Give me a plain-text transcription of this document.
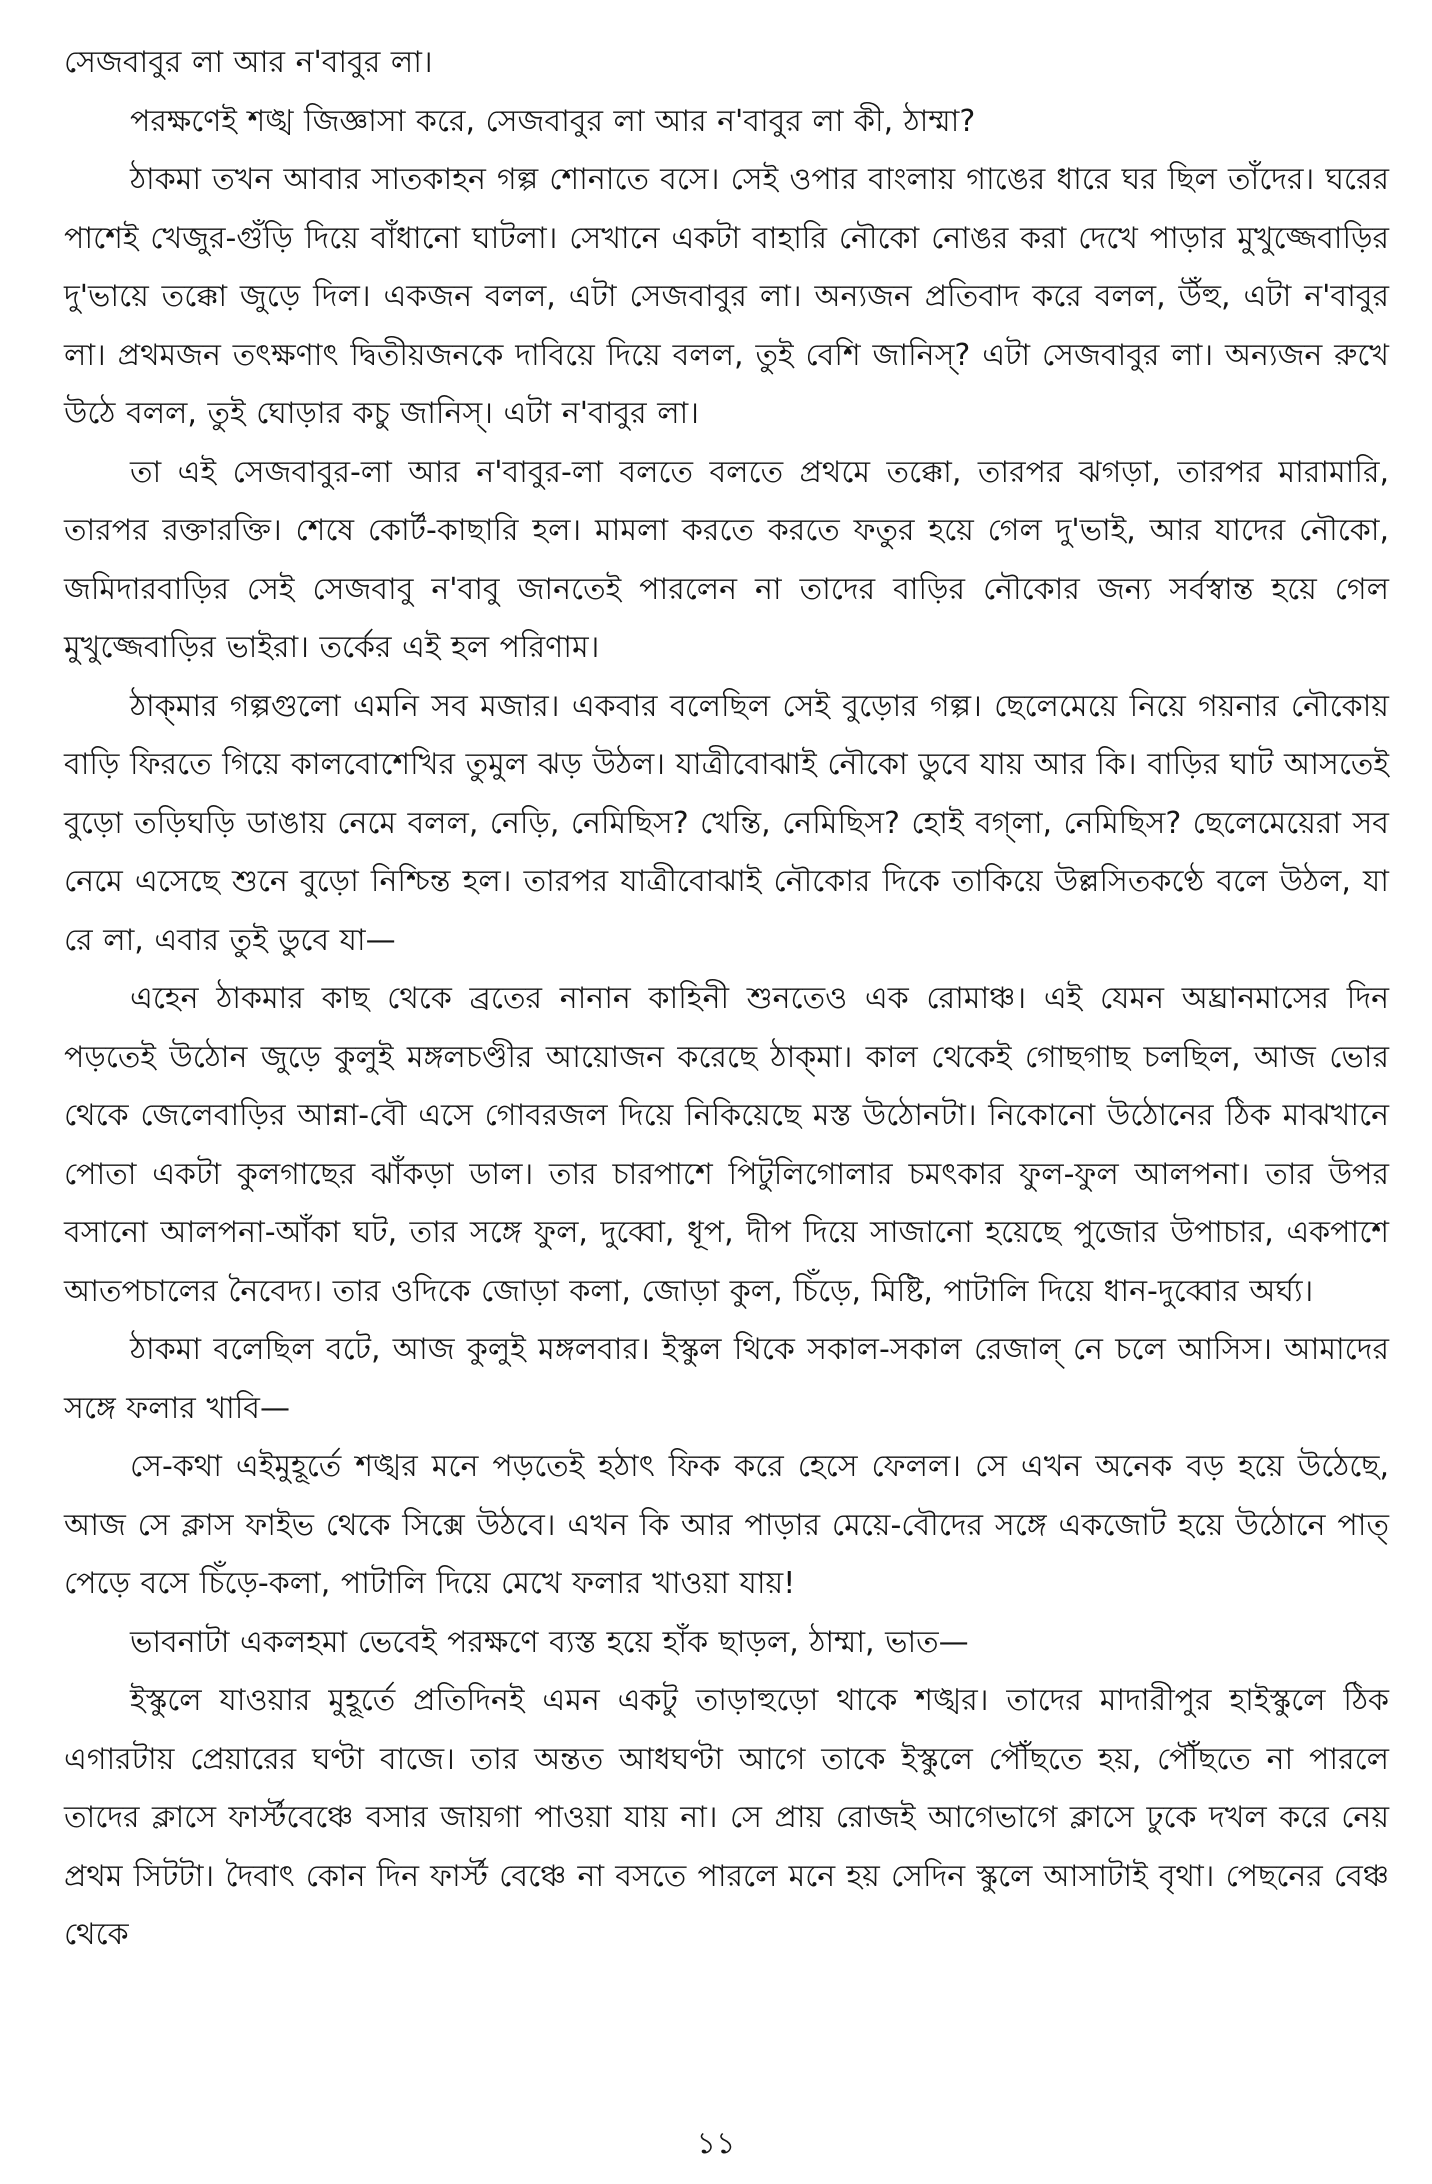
সেজবাবুর লা আর ন'বাবুর লা।

পরক্ষণেই শঙ্খ জিজ্ঞাসা করে, সেজবাবুর লা আর ন'বাবুর লা কী, ঠাম্মা?

ঠাকমা তখন আবার সাতকাহন গল্প শোনাতে বসে। সেই ওপার বাংলায় গাঙের ধারে ঘর ছিল তাঁদের। ঘরের পাশেই খেজুর-গুঁড়ি দিয়ে বাঁধানো ঘাটলা। সেখানে একটা বাহারি নৌকো নোঙর করা দেখে পাড়ার মুখুজ্জেবাড়ির দু'ভায়ে তক্কো জুড়ে দিল। একজন বলল, এটা সেজবাবুর লা। অন্যজন প্রতিবাদ করে বলল, উঁহু, এটা ন'বাবুর লা। প্রথমজন তৎক্ষণাৎ দ্বিতীয়জনকে দাবিয়ে দিয়ে বলল, তুই বেশি জানিস্? এটা সেজবাবুর লা। অন্যজন রুখে উঠে বলল, তুই ঘোড়ার কচু জানিস্। এটা ন'বাবুর লা।

তা এই সেজবাবুর-লা আর ন'বাবুর-লা বলতে বলতে প্রথমে তক্কো, তারপর ঝগড়া, তারপর মারামারি, তারপর রক্তারক্তি। শেষে কোর্ট-কাছারি হল। মামলা করতে করতে ফতুর হয়ে গেল দু'ভাই, আর যাদের নৌকো, জমিদারবাড়ির সেই সেজবাবু ন'বাবু জানতেই পারলেন না তাদের বাড়ির নৌকোর জন্য সর্বস্বান্ত হয়ে গেল মুখুজ্জেবাড়ির ভাইরা। তর্কের এই হল পরিণাম।

ঠাক্‌মার গল্পগুলো এমনি সব মজার। একবার বলেছিল সেই বুড়োর গল্প। ছেলেমেয়ে নিয়ে গয়নার নৌকোয় বাড়ি ফিরতে গিয়ে কালবোশেখির তুমুল ঝড় উঠল। যাত্রীবোঝাই নৌকো ডুবে যায় আর কি। বাড়ির ঘাট আসতেই বুড়ো তড়িঘড়ি ডাঙায় নেমে বলল, নেড়ি, নেমিছিস? খেন্তি, নেমিছিস? হোই বগ্‌লা, নেমিছিস? ছেলেমেয়েরা সব নেমে এসেছে শুনে বুড়ো নিশ্চিন্ত হল। তারপর যাত্রীবোঝাই নৌকোর দিকে তাকিয়ে উল্লসিতকণ্ঠে বলে উঠল, যা রে লা, এবার তুই ডুবে যা—

এহেন ঠাকমার কাছ থেকে ব্রতের নানান কাহিনী শুনতেও এক রোমাঞ্চ। এই যেমন অঘ্রানমাসের দিন পড়তেই উঠোন জুড়ে কুলুই মঙ্গলচণ্ডীর আয়োজন করেছে ঠাক্‌মা। কাল থেকেই গোছগাছ চলছিল, আজ ভোর থেকে জেলেবাড়ির আন্না-বৌ এসে গোবরজল দিয়ে নিকিয়েছে মস্ত উঠোনটা। নিকোনো উঠোনের ঠিক মাঝখানে পোতা একটা কুলগাছের ঝাঁকড়া ডাল। তার চারপাশে পিটুলিগোলার চমৎকার ফুল-ফুল আলপনা। তার উপর বসানো আলপনা-আঁকা ঘট, তার সঙ্গে ফুল, দুব্বো, ধূপ, দীপ দিয়ে সাজানো হয়েছে পুজোর উপাচার, একপাশে আতপচালের নৈবেদ্য। তার ওদিকে জোড়া কলা, জোড়া কুল, চিঁড়ে, মিষ্টি, পাটালি দিয়ে ধান-দুব্বোর অর্ঘ্য।

ঠাকমা বলেছিল বটে, আজ কুলুই মঙ্গলবার। ইস্কুল থিকে সকাল-সকাল রেজাল্ নে চলে আসিস। আমাদের সঙ্গে ফলার খাবি—

সে-কথা এইমুহূর্তে শঙ্খর মনে পড়তেই হঠাৎ ফিক করে হেসে ফেলল। সে এখন অনেক বড় হয়ে উঠেছে, আজ সে ক্লাস ফাইভ থেকে সিক্সে উঠবে। এখন কি আর পাড়ার মেয়ে-বৌদের সঙ্গে একজোট হয়ে উঠোনে পাত্ পেড়ে বসে চিঁড়ে-কলা, পাটালি দিয়ে মেখে ফলার খাওয়া যায়!

ভাবনাটা একলহমা ভেবেই পরক্ষণে ব্যস্ত হয়ে হাঁক ছাড়ল, ঠাম্মা, ভাত—

ইস্কুলে যাওয়ার মুহূর্তে প্রতিদিনই এমন একটু তাড়াহুড়ো থাকে শঙ্খর। তাদের মাদারীপুর হাইস্কুলে ঠিক এগারটায় প্রেয়ারের ঘণ্টা বাজে। তার অন্তত আধঘণ্টা আগে তাকে ইস্কুলে পৌঁছতে হয়, পৌঁছতে না পারলে তাদের ক্লাসে ফার্স্টবেঞ্চে বসার জায়গা পাওয়া যায় না। সে প্রায় রোজই আগেভাগে ক্লাসে ঢুকে দখল করে নেয় প্রথম সিটটা। দৈবাৎ কোন দিন ফার্স্ট বেঞ্চে না বসতে পারলে মনে হয় সেদিন স্কুলে আসাটাই বৃথা। পেছনের বেঞ্চ থেকে

১১
